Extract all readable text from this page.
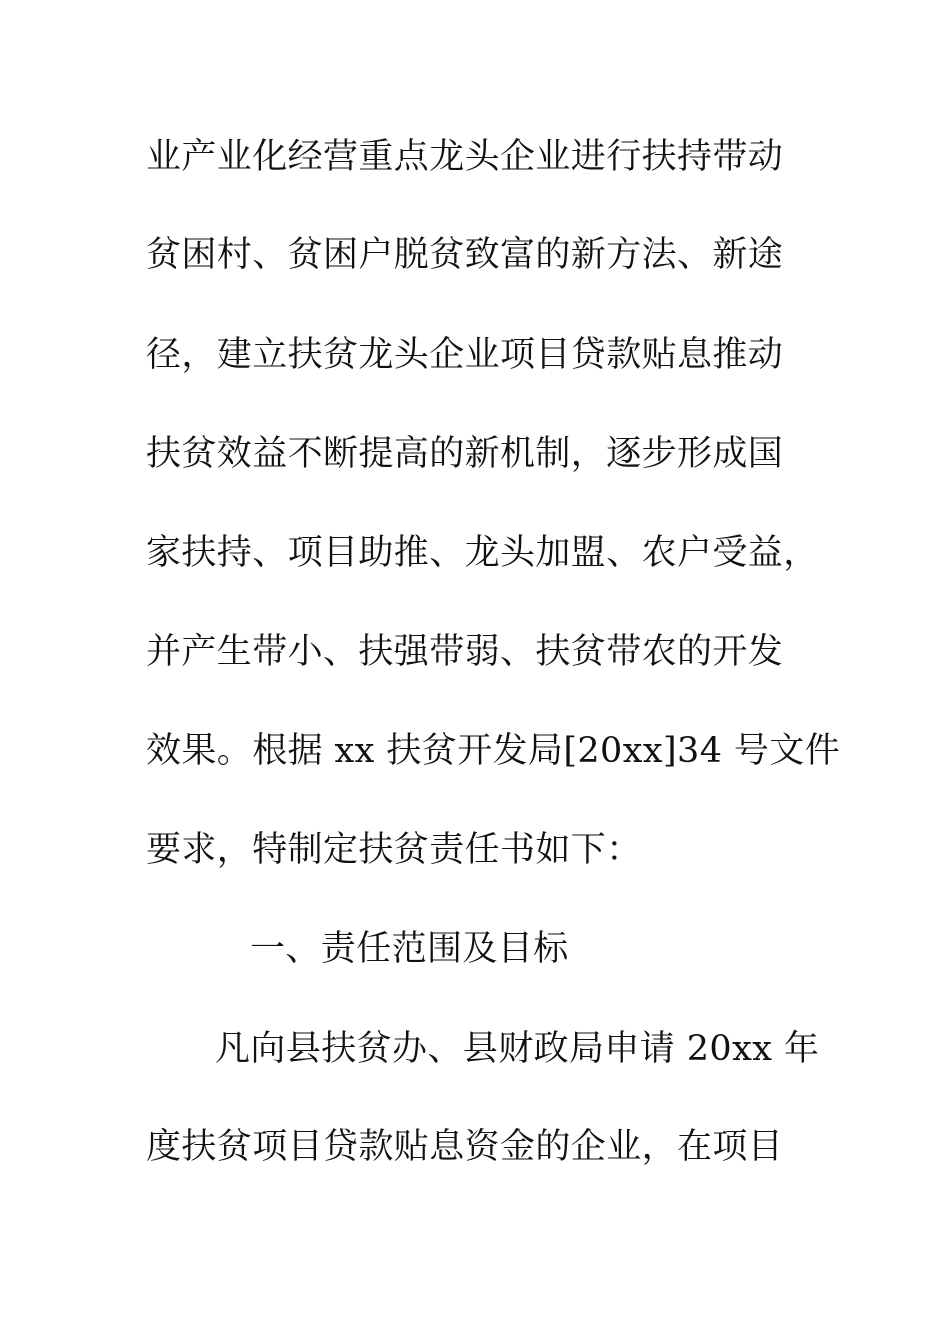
业产业化经营重点龙头企业进行扶持带动
贫困村、贫困户脱贫致富的新方法、新途
径，建立扶贫龙头企业项目贷款贴息推动
扶贫效益不断提高的新机制，逐步形成国
家扶持、项目助推、龙头加盟、农户受益，
并产生带小、扶强带弱、扶贫带农的开发
效果。根据 xx 扶贫开发局[20xx]34 号文件
要求，特制定扶贫责任书如下：
一、责任范围及目标
凡向县扶贫办、县财政局申请 20xx 年
度扶贫项目贷款贴息资金的企业，在项目
